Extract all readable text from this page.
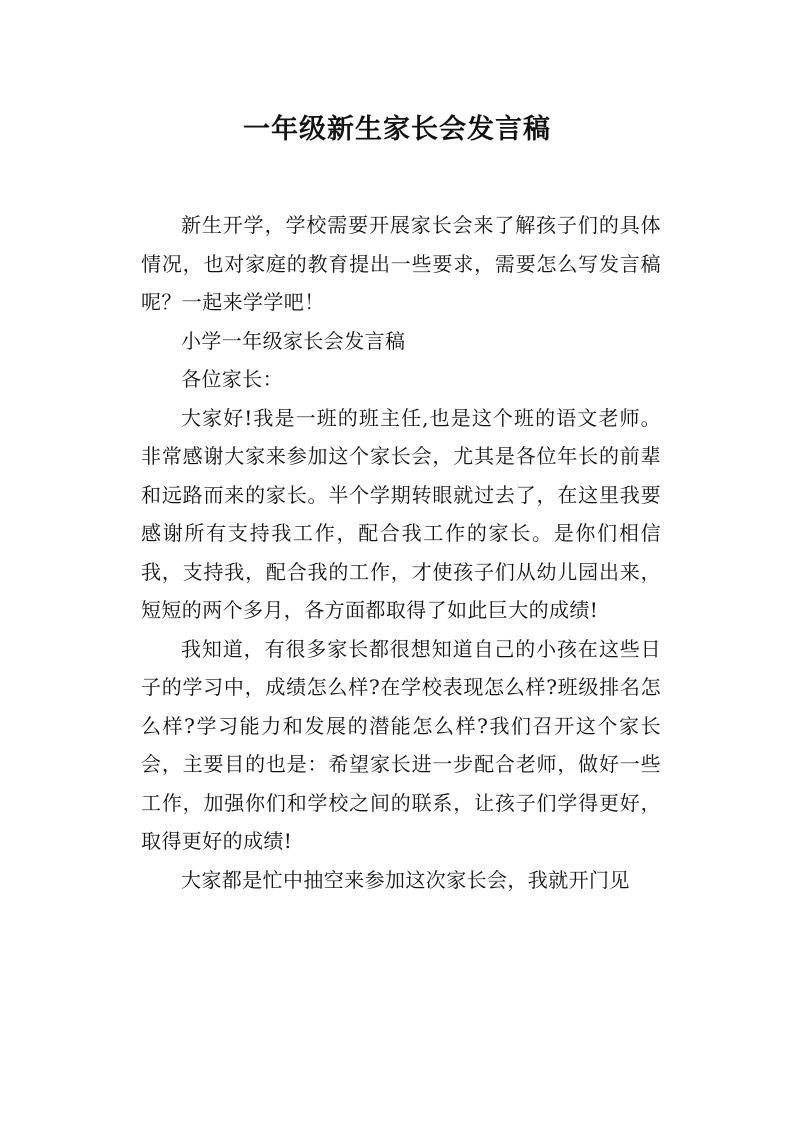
一年级新生家长会发言稿

新生开学，学校需要开展家长会来了解孩子们的具体情况，也对家庭的教育提出一些要求，需要怎么写发言稿呢？一起来学学吧！

小学一年级家长会发言稿

各位家长：

大家好!我是一班的班主任,也是这个班的语文老师。非常感谢大家来参加这个家长会，尤其是各位年长的前辈和远路而来的家长。半个学期转眼就过去了，在这里我要感谢所有支持我工作，配合我工作的家长。是你们相信我，支持我，配合我的工作，才使孩子们从幼儿园出来，短短的两个多月，各方面都取得了如此巨大的成绩!

我知道，有很多家长都很想知道自己的小孩在这些日子的学习中，成绩怎么样?在学校表现怎么样?班级排名怎么样?学习能力和发展的潜能怎么样?我们召开这个家长会，主要目的也是：希望家长进一步配合老师，做好一些工作，加强你们和学校之间的联系，让孩子们学得更好，取得更好的成绩!

大家都是忙中抽空来参加这次家长会，我就开门见
